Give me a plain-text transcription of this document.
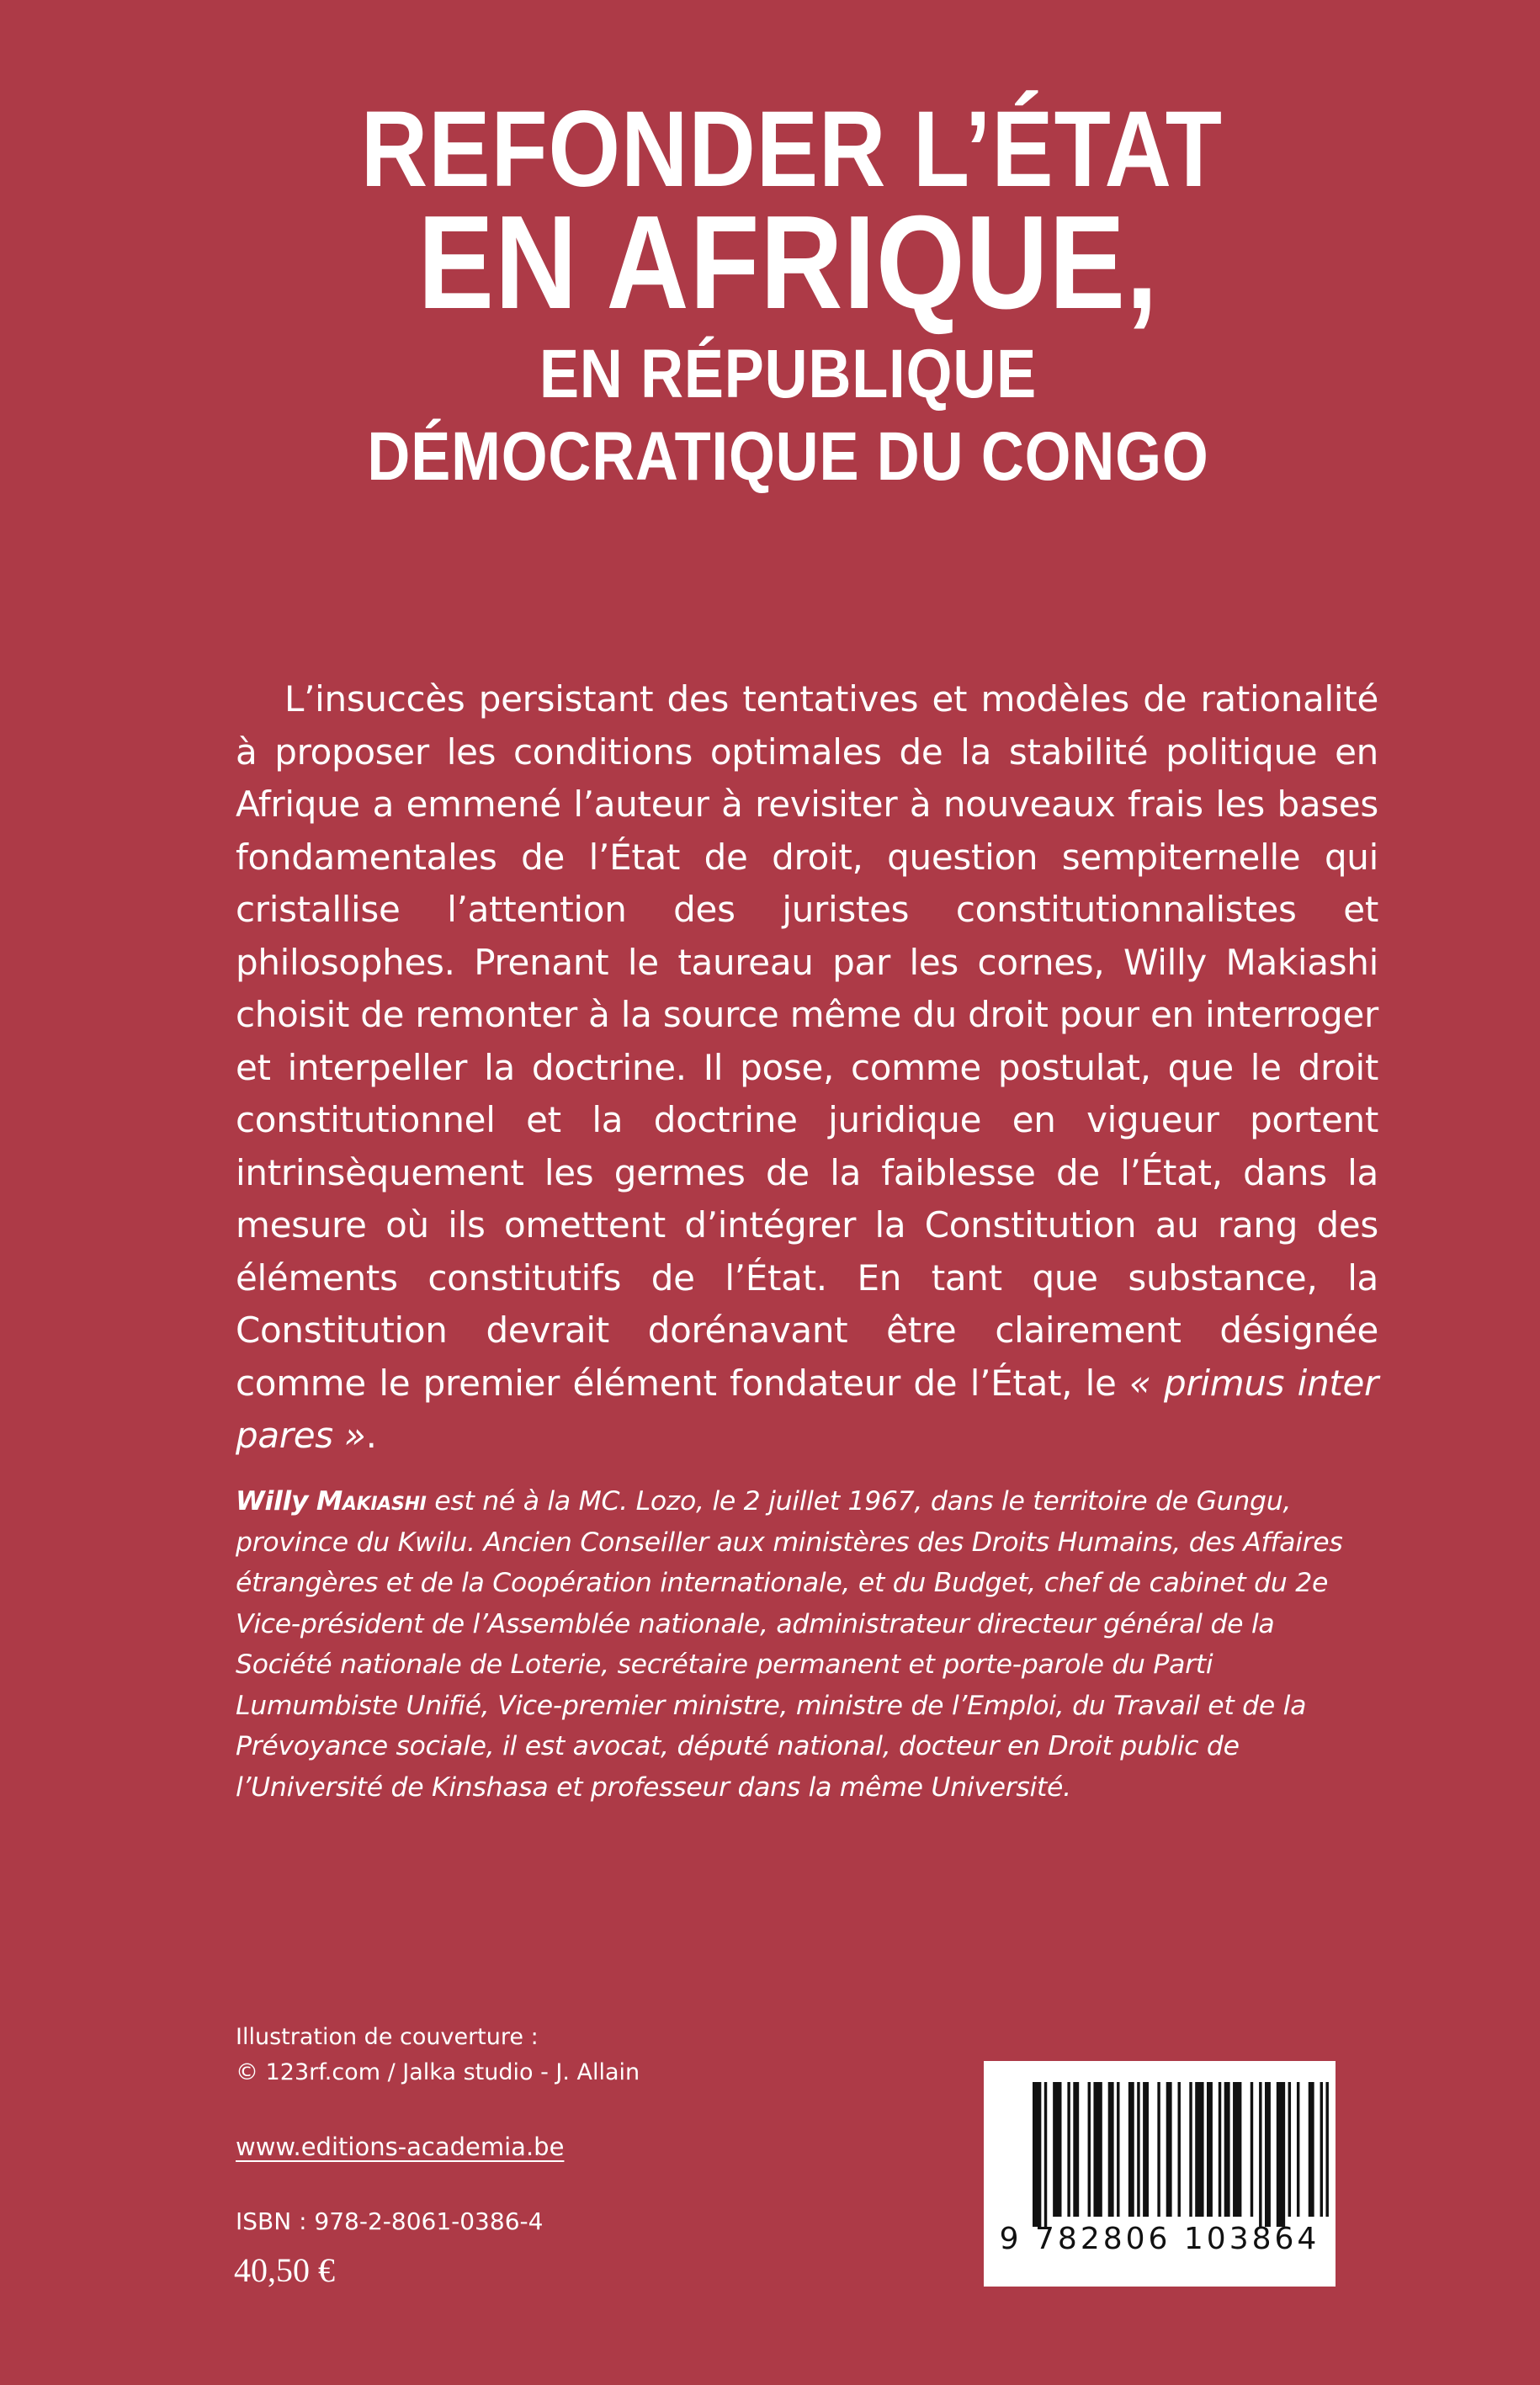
REFONDER L’ÉTAT
EN AFRIQUE,
EN RÉPUBLIQUE
DÉMOCRATIQUE DU CONGO

L’insuccès persistant des tentatives et modèles de rationalité à proposer les conditions optimales de la stabilité politique en Afrique a emmené l’auteur à revisiter à nouveaux frais les bases fondamentales de l’État de droit, question sempiternelle qui cristallise l’attention des juristes constitutionnalistes et philosophes. Prenant le taureau par les cornes, Willy Makiashi choisit de remonter à la source même du droit pour en interroger et interpeller la doctrine. Il pose, comme postulat, que le droit constitutionnel et la doctrine juridique en vigueur portent intrinsèquement les germes de la faiblesse de l’État, dans la mesure où ils omettent d’intégrer la Constitution au rang des éléments constitutifs de l’État. En tant que substance, la Constitution devrait dorénavant être clairement désignée comme le premier élément fondateur de l’État, le « primus inter pares ».

Willy Makiashi est né à la MC. Lozo, le 2 juillet 1967, dans le territoire de Gungu, province du Kwilu. Ancien Conseiller aux ministères des Droits Humains, des Affaires étrangères et de la Coopération internationale, et du Budget, chef de cabinet du 2e Vice-président de l’Assemblée nationale, administrateur directeur général de la Société nationale de Loterie, secrétaire permanent et porte-parole du Parti Lumumbiste Unifié, Vice-premier ministre, ministre de l’Emploi, du Travail et de la Prévoyance sociale, il est avocat, député national, docteur en Droit public de l’Université de Kinshasa et professeur dans la même Université.

Illustration de couverture :
© 123rf.com / Jalka studio - J. Allain
www.editions-academia.be
ISBN : 978-2-8061-0386-4
40,50 €
9 782806 103864
